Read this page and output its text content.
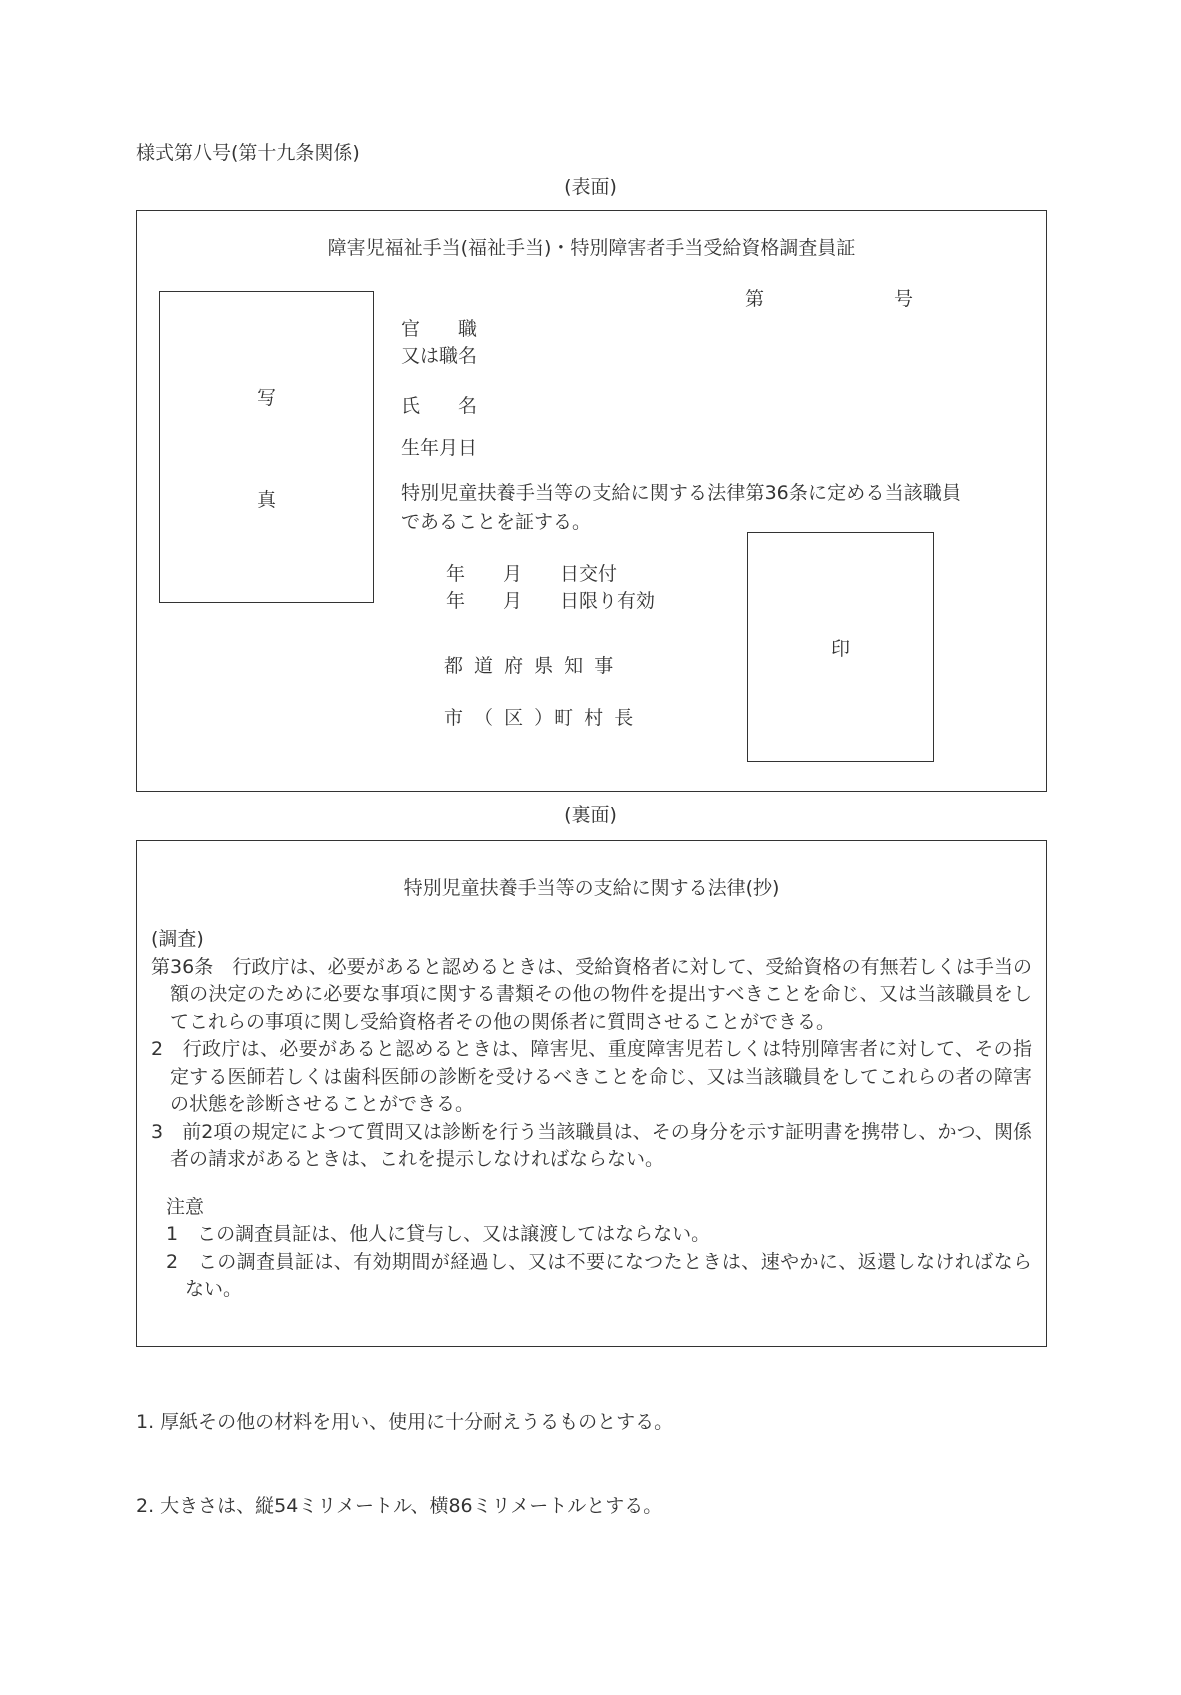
様式第八号(第十九条関係)
(表面)
障害児福祉手当(福祉手当)・特別障害者手当受給資格調査員証
第	号
写
真
官　　職
又は職名
氏　　名
生年月日
特別児童扶養手当等の支給に関する法律第36条に定める当該職員であることを証する。
年　　月　　日交付
年　　月　　日限り有効
都 道 府 県 知 事
市 （ 区 ）町 村 長
印
(裏面)
特別児童扶養手当等の支給に関する法律(抄)
(調査)
第36条　行政庁は、必要があると認めるときは、受給資格者に対して、受給資格の有無若しくは手当の額の決定のために必要な事項に関する書類その他の物件を提出すべきことを命じ、又は当該職員をしてこれらの事項に関し受給資格者その他の関係者に質問させることができる。
2　行政庁は、必要があると認めるときは、障害児、重度障害児若しくは特別障害者に対して、その指定する医師若しくは歯科医師の診断を受けるべきことを命じ、又は当該職員をしてこれらの者の障害の状態を診断させることができる。
3　前2項の規定によつて質問又は診断を行う当該職員は、その身分を示す証明書を携帯し、かつ、関係者の請求があるときは、これを提示しなければならない。
注意
1　この調査員証は、他人に貸与し、又は譲渡してはならない。
2　この調査員証は、有効期間が経過し、又は不要になつたときは、速やかに、返還しなければならない。

1. 厚紙その他の材料を用い、使用に十分耐えうるものとする。

2. 大きさは、縦54ミリメートル、横86ミリメートルとする。
